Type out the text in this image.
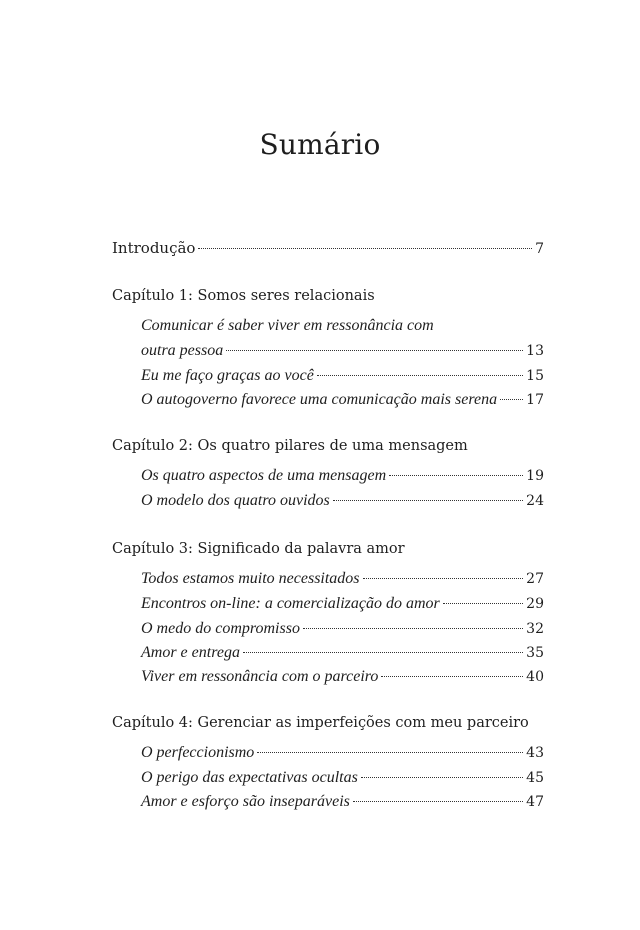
Sumário
Introdução	7
Capítulo 1: Somos seres relacionais
Comunicar é saber viver em ressonância com
outra pessoa	13
Eu me faço graças ao você	15
O autogoverno favorece uma comunicação mais serena 17
Capítulo 2: Os quatro pilares de uma mensagem
Os quatro aspectos de uma mensagem	19
O modelo dos quatro ouvidos	24
Capítulo 3: Significado da palavra amor
Todos estamos muito necessitados	27
Encontros on-line: a comercialização do amor	29
O medo do compromisso	32
Amor e entrega	35
Viver em ressonância com o parceiro	40
Capítulo 4: Gerenciar as imperfeições com meu parceiro
O perfeccionismo	43
O perigo das expectativas ocultas	45
Amor e esforço são inseparáveis	47
